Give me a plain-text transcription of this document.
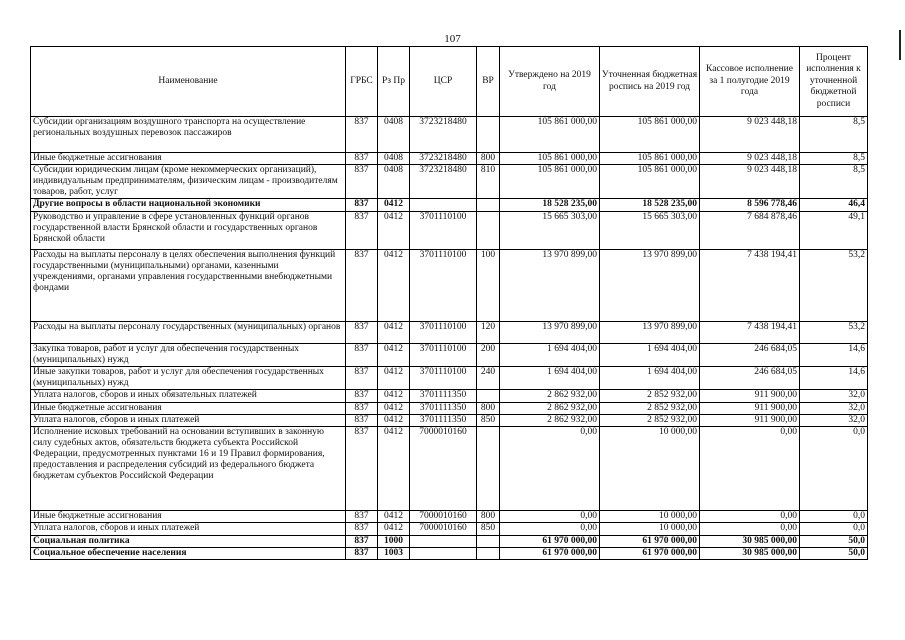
107
Наименование	ГРБС	Рз Пр	ЦСР	ВР	Утверждено на 2019 год	Уточненная бюджетная роспись на 2019 год	Кассовое исполнение за 1 полугодие 2019 года	Процент исполнения к уточненной бюджетной росписи
Субсидии организациям воздушного транспорта на осуществление региональных воздушных перевозок пассажиров	837	0408	3723218480		105 861 000,00	105 861 000,00	9 023 448,18	8,5
Иные бюджетные ассигнования	837	0408	3723218480	800	105 861 000,00	105 861 000,00	9 023 448,18	8,5
Субсидии юридическим лицам (кроме некоммерческих организаций), индивидуальным предпринимателям, физическим лицам - производителям товаров, работ, услуг	837	0408	3723218480	810	105 861 000,00	105 861 000,00	9 023 448,18	8,5
Другие вопросы в области национальной экономики	837	0412			18 528 235,00	18 528 235,00	8 596 778,46	46,4
Руководство и управление в сфере установленных функций органов государственной власти Брянской области и государственных органов Брянской области	837	0412	3701110100		15 665 303,00	15 665 303,00	7 684 878,46	49,1
Расходы на выплаты персоналу в целях обеспечения выполнения функций государственными (муниципальными) органами, казенными учреждениями, органами управления государственными внебюджетными фондами	837	0412	3701110100	100	13 970 899,00	13 970 899,00	7 438 194,41	53,2
Расходы на выплаты персоналу государственных (муниципальных) органов	837	0412	3701110100	120	13 970 899,00	13 970 899,00	7 438 194,41	53,2
Закупка товаров, работ и услуг для обеспечения государственных (муниципальных) нужд	837	0412	3701110100	200	1 694 404,00	1 694 404,00	246 684,05	14,6
Иные закупки товаров, работ и услуг для обеспечения государственных (муниципальных) нужд	837	0412	3701110100	240	1 694 404,00	1 694 404,00	246 684,05	14,6
Уплата налогов, сборов и иных обязательных платежей	837	0412	3701111350		2 862 932,00	2 852 932,00	911 900,00	32,0
Иные бюджетные ассигнования	837	0412	3701111350	800	2 862 932,00	2 852 932,00	911 900,00	32,0
Уплата налогов, сборов и иных платежей	837	0412	3701111350	850	2 862 932,00	2 852 932,00	911 900,00	32,0
Исполнение исковых требований на основании вступивших в законную силу судебных актов, обязательств бюджета субъекта Российской Федерации, предусмотренных пунктами 16 и 19 Правил формирования, предоставления и распределения субсидий из федерального бюджета бюджетам субъектов Российской Федерации	837	0412	7000010160		0,00	10 000,00	0,00	0,0
Иные бюджетные ассигнования	837	0412	7000010160	800	0,00	10 000,00	0,00	0,0
Уплата налогов, сборов и иных платежей	837	0412	7000010160	850	0,00	10 000,00	0,00	0,0
Социальная политика	837	1000			61 970 000,00	61 970 000,00	30 985 000,00	50,0
Социальное обеспечение населения	837	1003			61 970 000,00	61 970 000,00	30 985 000,00	50,0
